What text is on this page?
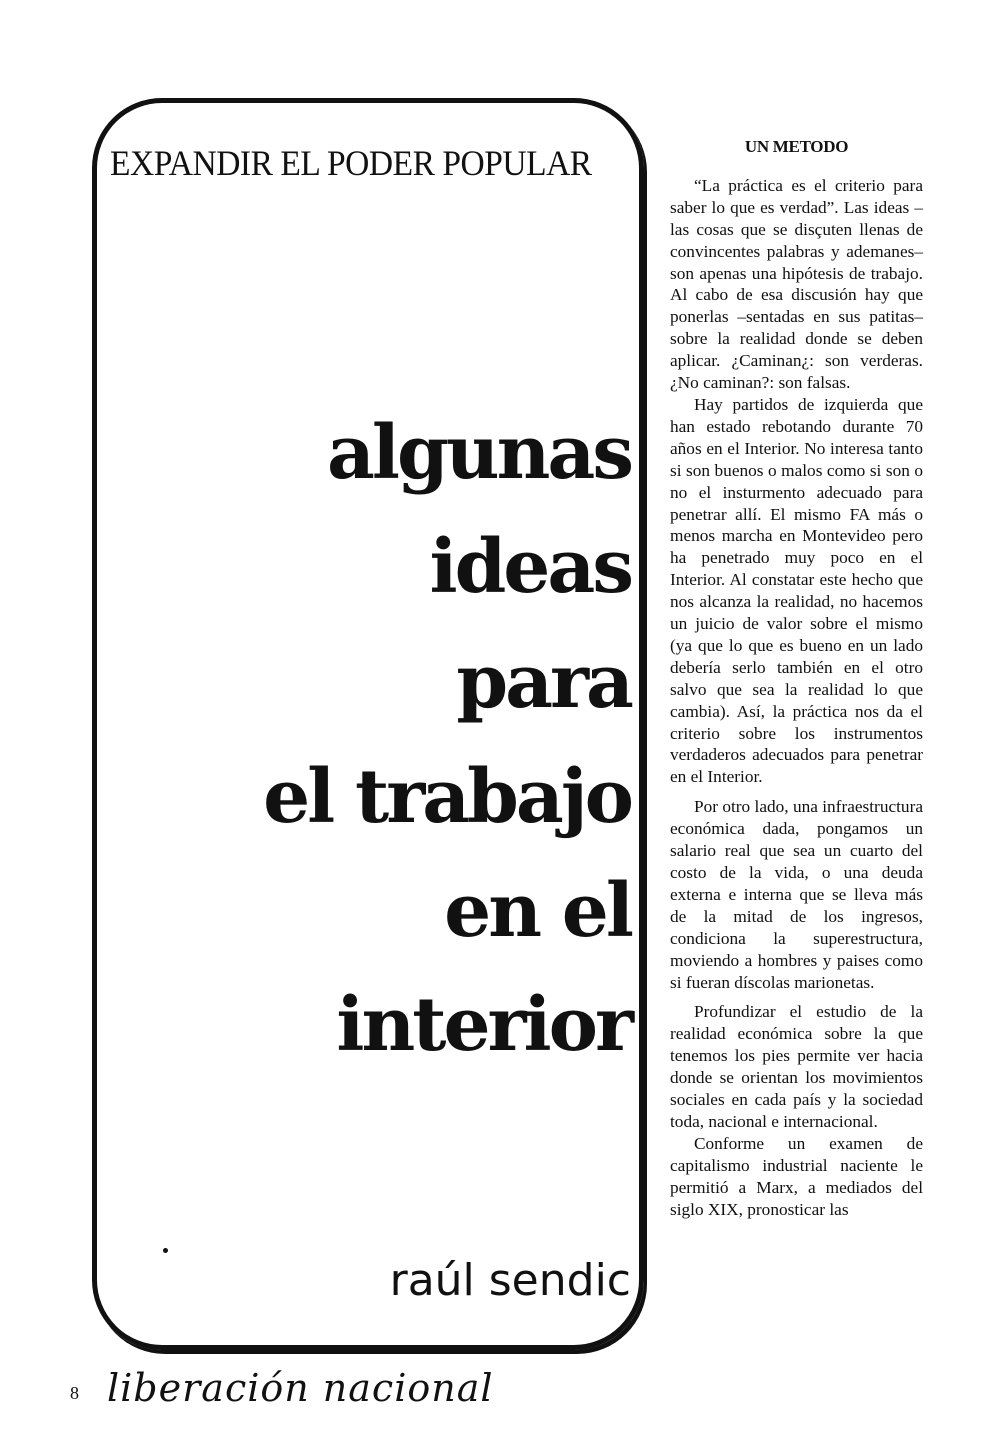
EXPANDIR EL PODER POPULAR
algunas
ideas
para
el trabajo
en el
interior
raúl sendic
UN METODO

“La práctica es el criterio para saber lo que es verdad”. Las ideas –las cosas que se disçuten llenas de convincentes palabras y ademanes– son apenas una hipótesis de trabajo. Al cabo de esa discusión hay que ponerlas –sentadas en sus patitas– sobre la realidad donde se deben aplicar. ¿Caminan¿: son verderas. ¿No caminan?: son falsas.

Hay partidos de izquierda que han estado rebotando durante 70 años en el Interior. No interesa tanto si son buenos o malos como si son o no el insturmento adecuado para penetrar allí. El mismo FA más o menos marcha en Montevideo pero ha penetrado muy poco en el Interior. Al constatar este hecho que nos alcanza la realidad, no hacemos un juicio de valor sobre el mismo (ya que lo que es bueno en un lado debería serlo también en el otro salvo que sea la realidad lo que cambia). Así, la práctica nos da el criterio sobre los instrumentos verdaderos adecuados para penetrar en el Interior.

Por otro lado, una infraestructura económica dada, pongamos un salario real que sea un cuarto del costo de la vida, o una deuda externa e interna que se lleva más de la mitad de los ingresos, condiciona la superestructura, moviendo a hombres y paises como si fueran díscolas marionetas.

Profundizar el estudio de la realidad económica sobre la que tenemos los pies permite ver hacia donde se orientan los movimientos sociales en cada país y la sociedad toda, nacional e internacional.

Conforme un examen de capitalismo industrial naciente le permitió a Marx, a mediados del siglo XIX, pronosticar las

8 liberación nacional
